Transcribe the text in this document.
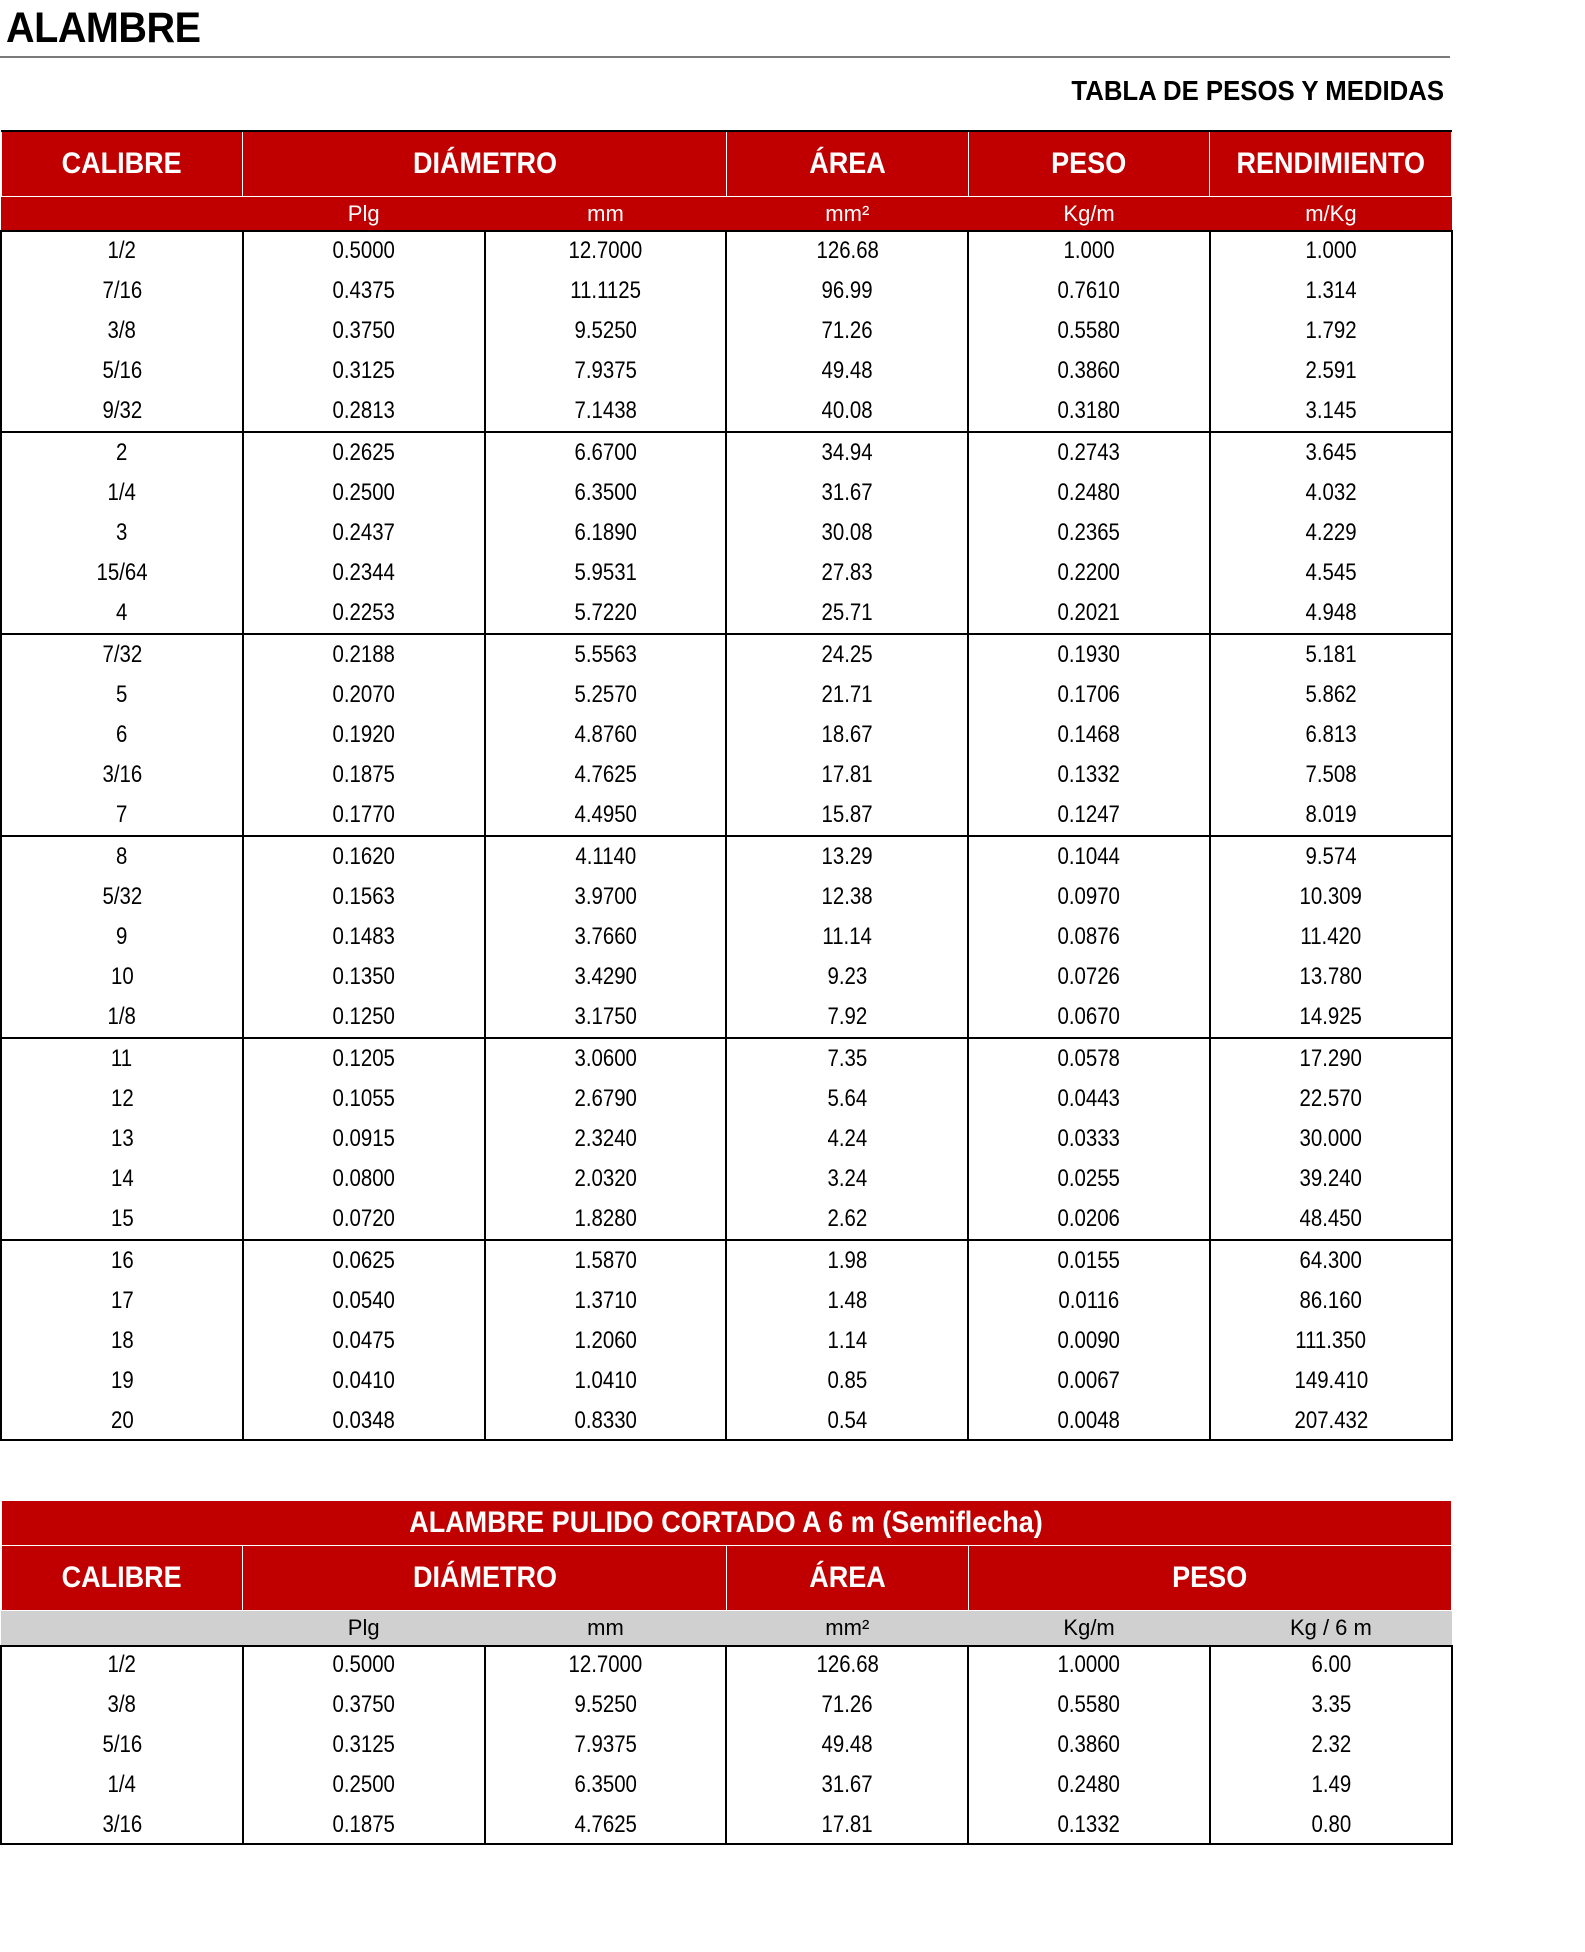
ALAMBRE
TABLA DE PESOS Y MEDIDAS
CALIBRE	DIÁMETRO		ÁREA	PESO	RENDIMIENTO
	Plg	mm	mm²	Kg/m	m/Kg
1/2	0.5000	12.7000	126.68	1.000	1.000
7/16	0.4375	11.1125	96.99	0.7610	1.314
3/8	0.3750	9.5250	71.26	0.5580	1.792
5/16	0.3125	7.9375	49.48	0.3860	2.591
9/32	0.2813	7.1438	40.08	0.3180	3.145
2	0.2625	6.6700	34.94	0.2743	3.645
1/4	0.2500	6.3500	31.67	0.2480	4.032
3	0.2437	6.1890	30.08	0.2365	4.229
15/64	0.2344	5.9531	27.83	0.2200	4.545
4	0.2253	5.7220	25.71	0.2021	4.948
7/32	0.2188	5.5563	24.25	0.1930	5.181
5	0.2070	5.2570	21.71	0.1706	5.862
6	0.1920	4.8760	18.67	0.1468	6.813
3/16	0.1875	4.7625	17.81	0.1332	7.508
7	0.1770	4.4950	15.87	0.1247	8.019
8	0.1620	4.1140	13.29	0.1044	9.574
5/32	0.1563	3.9700	12.38	0.0970	10.309
9	0.1483	3.7660	11.14	0.0876	11.420
10	0.1350	3.4290	9.23	0.0726	13.780
1/8	0.1250	3.1750	7.92	0.0670	14.925
11	0.1205	3.0600	7.35	0.0578	17.290
12	0.1055	2.6790	5.64	0.0443	22.570
13	0.0915	2.3240	4.24	0.0333	30.000
14	0.0800	2.0320	3.24	0.0255	39.240
15	0.0720	1.8280	2.62	0.0206	48.450
16	0.0625	1.5870	1.98	0.0155	64.300
17	0.0540	1.3710	1.48	0.0116	86.160
18	0.0475	1.2060	1.14	0.0090	111.350
19	0.0410	1.0410	0.85	0.0067	149.410
20	0.0348	0.8330	0.54	0.0048	207.432
ALAMBRE PULIDO CORTADO A 6 m (Semiflecha)					
CALIBRE	DIÁMETRO		ÁREA	PESO	
	Plg	mm	mm²	Kg/m	Kg / 6 m
1/2	0.5000	12.7000	126.68	1.0000	6.00
3/8	0.3750	9.5250	71.26	0.5580	3.35
5/16	0.3125	7.9375	49.48	0.3860	2.32
1/4	0.2500	6.3500	31.67	0.2480	1.49
3/16	0.1875	4.7625	17.81	0.1332	0.80
